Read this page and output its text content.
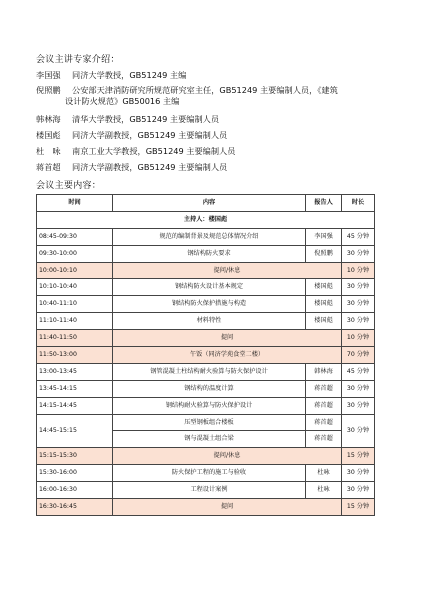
会议主讲专家介绍：
李国强 同济大学教授，GB51249 主编
倪照鹏 公安部天津消防研究所规范研究室主任，GB51249 主要编制人员，《建筑
设计防火规范》GB50016 主编
韩林海 清华大学教授，GB51249 主要编制人员
楼国彪 同济大学副教授，GB51249 主要编制人员
杜　咏 南京工业大学教授，GB51249 主要编制人员
蒋首超 同济大学副教授，GB51249 主要编制人员
会议主要内容：
时间	内容	报告人	时长
主持人：楼国彪			
08:45-09:30	规范的编制背景及规范总体情况介绍	李国强	45 分钟
09:30-10:00	钢结构防火要求	倪照鹏	30 分钟
10:00-10:10	提问/休息		10 分钟
10:10-10:40	钢结构防火设计基本规定	楼国彪	30 分钟
10:40-11:10	钢结构防火保护措施与构造	楼国彪	30 分钟
11:10-11:40	材料特性	楼国彪	30 分钟
11:40-11:50	提问		10 分钟
11:50-13:00	午饭（同济学苑食堂二楼）		70 分钟
13:00-13:45	钢管混凝土柱结构耐火验算与防火保护设计	韩林海	45 分钟
13:45-14:15	钢结构的温度计算	蒋首超	30 分钟
14:15-14:45	钢结构耐火验算与防火保护设计	蒋首超	30 分钟
14:45-15:15	压型钢板组合楼板	蒋首超	30 分钟
	钢与混凝土组合梁	蒋首超	
15:15-15:30	提问/休息		15 分钟
15:30-16:00	防火保护工程的施工与验收	杜咏	30 分钟
16:00-16:30	工程设计案例	杜咏	30 分钟
16:30-16:45	提问		15 分钟
